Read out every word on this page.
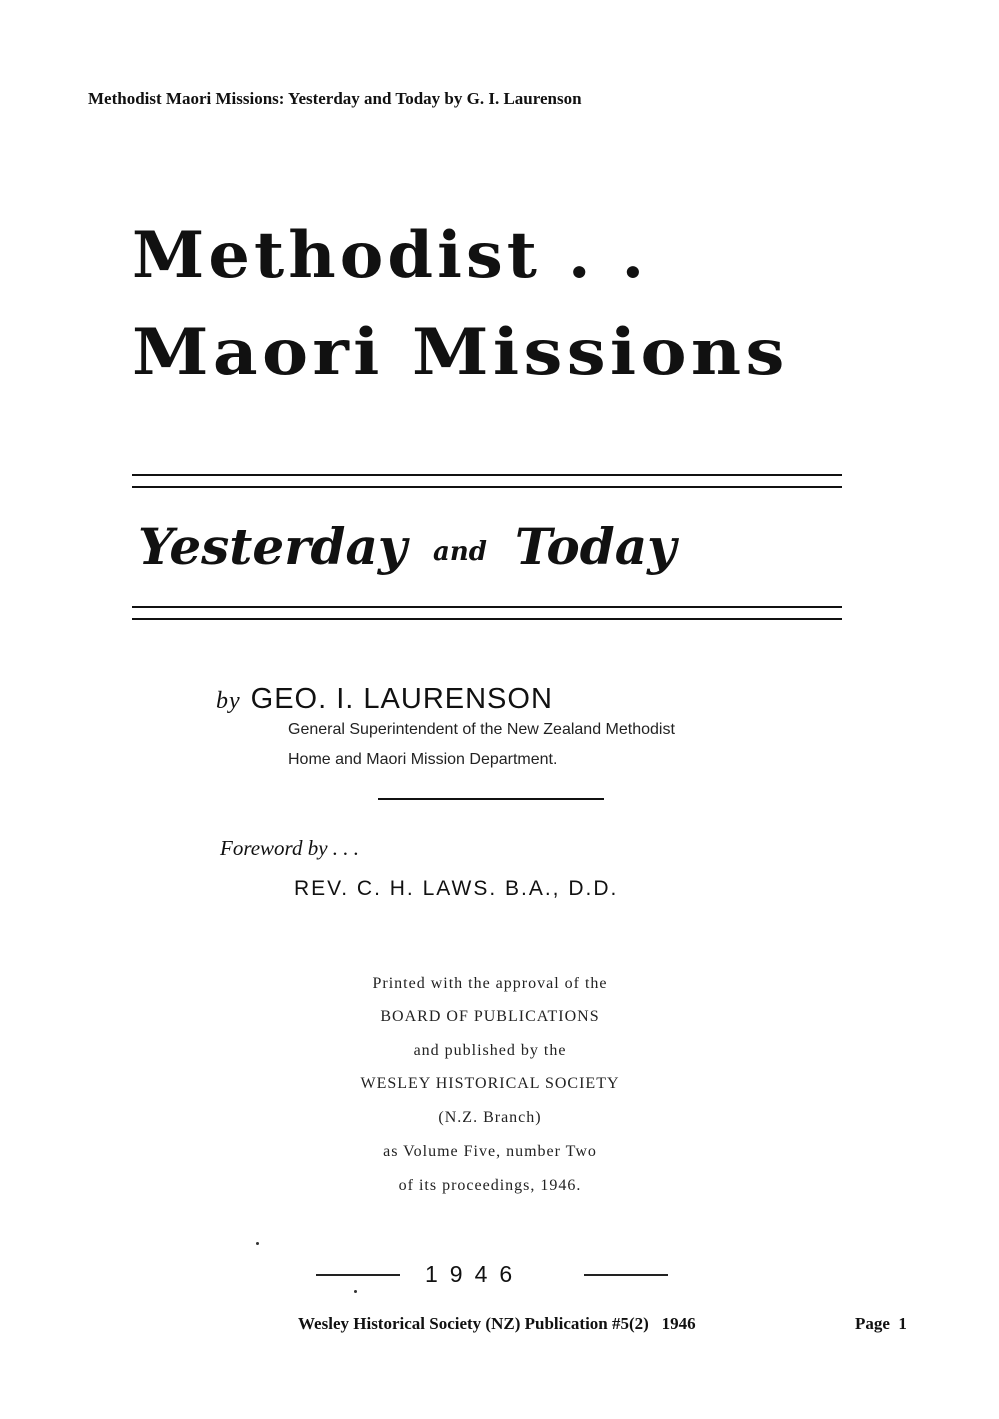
Methodist Maori Missions: Yesterday and Today by G. I. Laurenson
Methodist . .
Maori Missions
Yesterday and Today
by GEO. I. LAURENSON
General Superintendent of the New Zealand Methodist
Home and Maori Mission Department.
Foreword by . . .
REV. C. H. LAWS. B.A., D.D.
Printed with the approval of the
BOARD OF PUBLICATIONS
and published by the
WESLEY HISTORICAL SOCIETY
(N.Z. Branch)
as Volume Five, number Two
of its proceedings, 1946.
1946
Wesley Historical Society (NZ) Publication #5(2)   1946	Page  1
